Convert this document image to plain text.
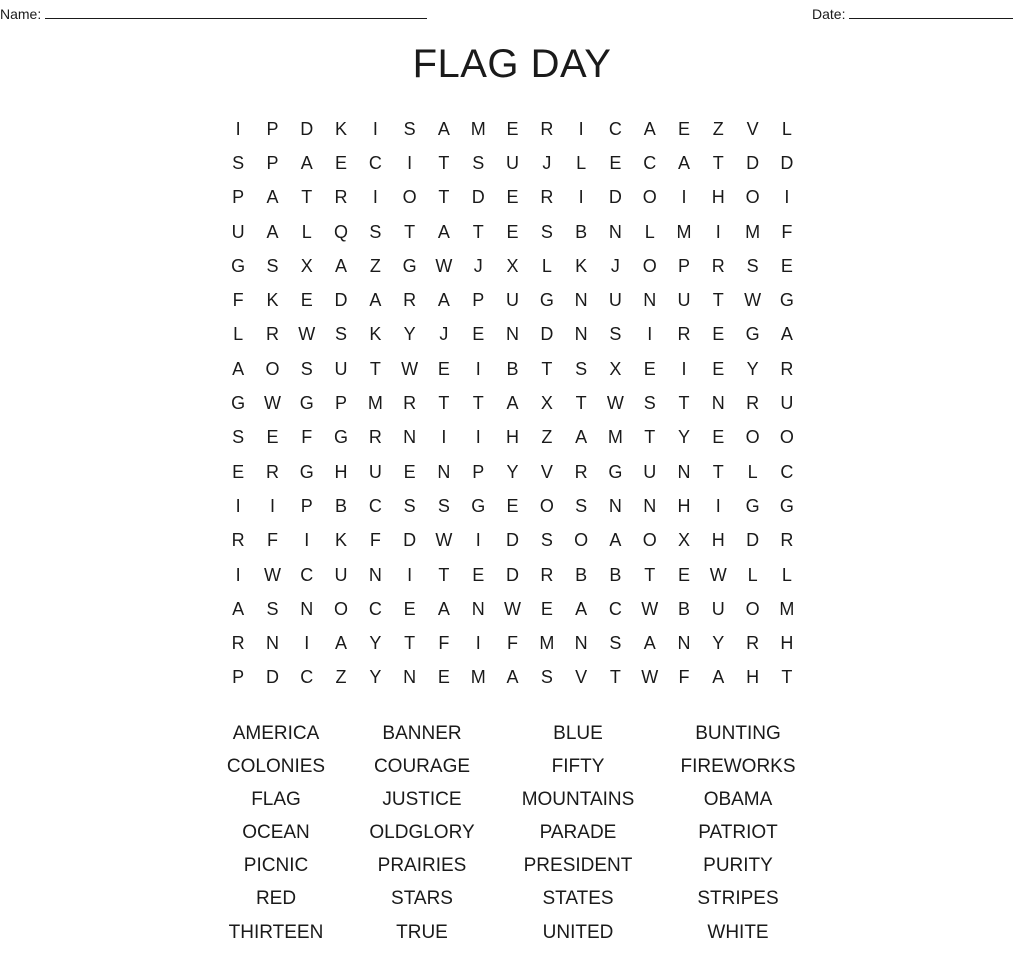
Name:	Date:
FLAG DAY
I	P	D	K	I	S	A	M	E	R	I	C	A	E	Z	V	L
S	P	A	E	C	I	T	S	U	J	L	E	C	A	T	D	D
P	A	T	R	I	O	T	D	E	R	I	D	O	I	H	O	I
U	A	L	Q	S	T	A	T	E	S	B	N	L	M	I	M	F
G	S	X	A	Z	G	W	J	X	L	K	J	O	P	R	S	E
F	K	E	D	A	R	A	P	U	G	N	U	N	U	T	W	G
L	R	W	S	K	Y	J	E	N	D	N	S	I	R	E	G	A
A	O	S	U	T	W	E	I	B	T	S	X	E	I	E	Y	R
G	W	G	P	M	R	T	T	A	X	T	W	S	T	N	R	U
S	E	F	G	R	N	I	I	H	Z	A	M	T	Y	E	O	O
E	R	G	H	U	E	N	P	Y	V	R	G	U	N	T	L	C
I	I	P	B	C	S	S	G	E	O	S	N	N	H	I	G	G
R	F	I	K	F	D	W	I	D	S	O	A	O	X	H	D	R
I	W	C	U	N	I	T	E	D	R	B	B	T	E	W	L	L
A	S	N	O	C	E	A	N	W	E	A	C	W	B	U	O	M
R	N	I	A	Y	T	F	I	F	M	N	S	A	N	Y	R	H
P	D	C	Z	Y	N	E	M	A	S	V	T	W	F	A	H	T
AMERICA	BANNER	BLUE	BUNTING
COLONIES	COURAGE	FIFTY	FIREWORKS
FLAG	JUSTICE	MOUNTAINS	OBAMA
OCEAN	OLDGLORY	PARADE	PATRIOT
PICNIC	PRAIRIES	PRESIDENT	PURITY
RED	STARS	STATES	STRIPES
THIRTEEN	TRUE	UNITED	WHITE
